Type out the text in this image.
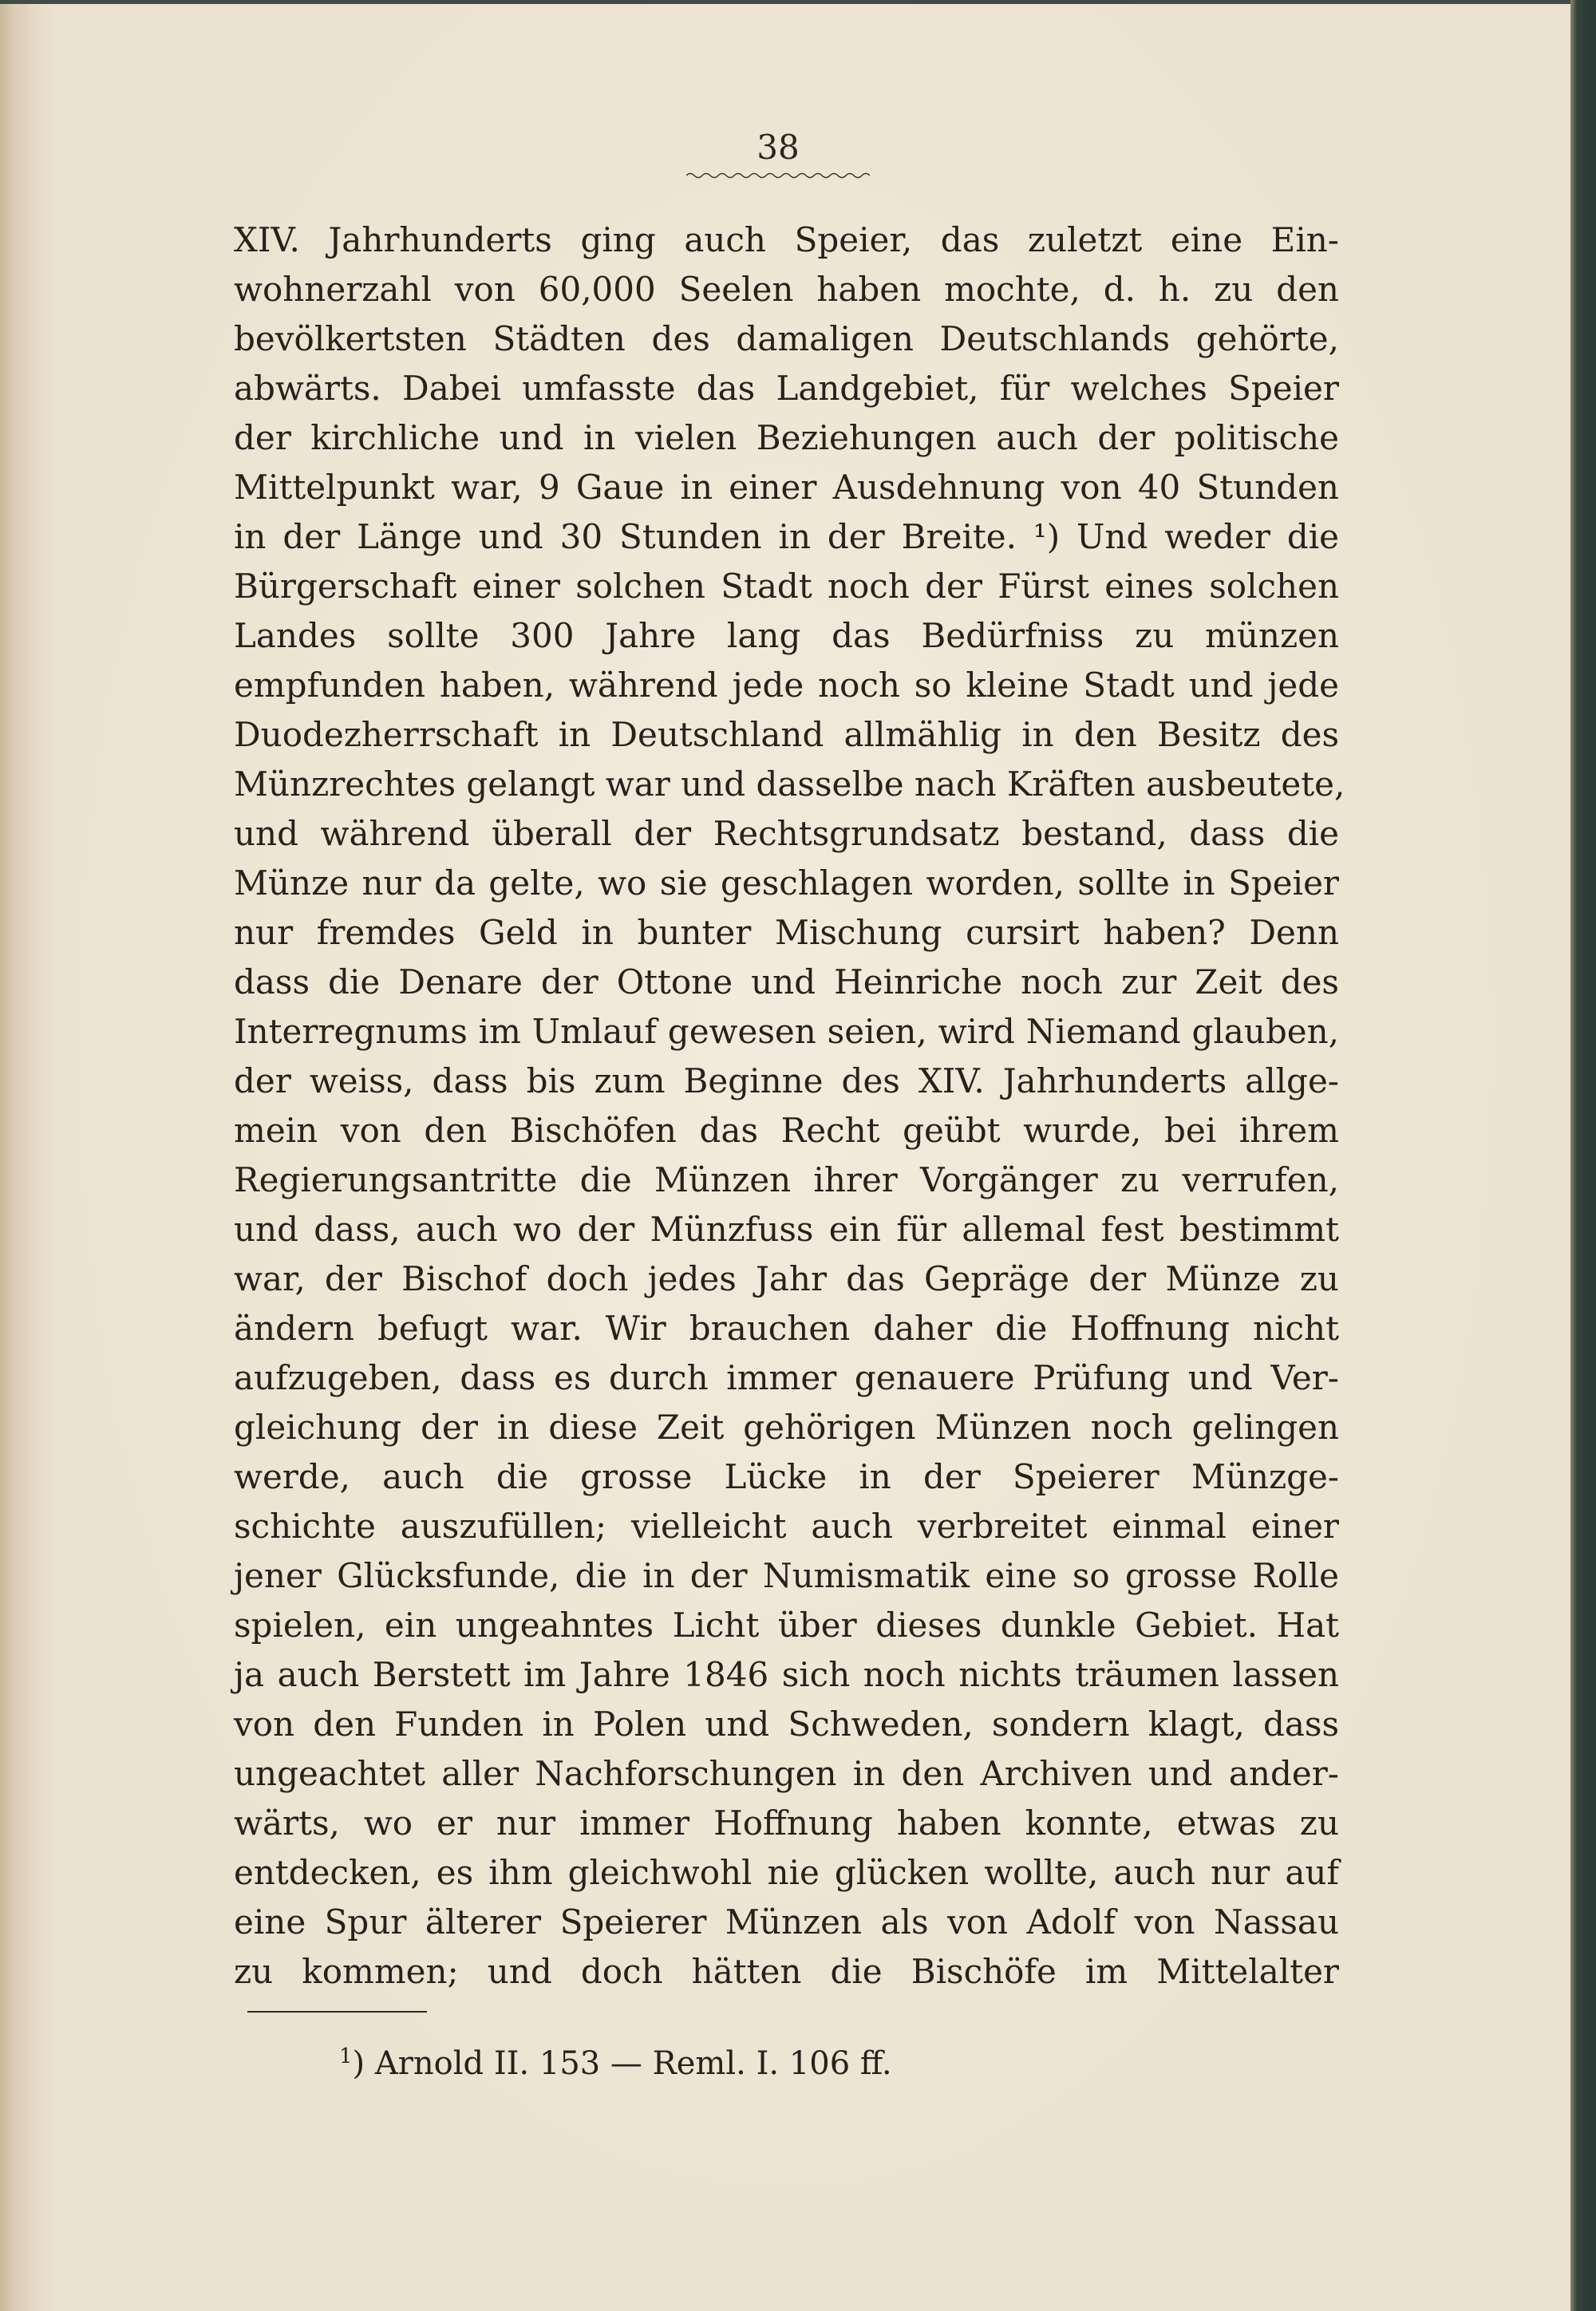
38

XIV. Jahrhunderts ging auch Speier, das zuletzt eine Ein-
wohnerzahl von 60,000 Seelen haben mochte, d. h. zu den
bevölkertsten Städten des damaligen Deutschlands gehörte,
abwärts. Dabei umfasste das Landgebiet, für welches Speier
der kirchliche und in vielen Beziehungen auch der politische
Mittelpunkt war, 9 Gaue in einer Ausdehnung von 40 Stunden
in der Länge und 30 Stunden in der Breite. ¹) Und weder die
Bürgerschaft einer solchen Stadt noch der Fürst eines solchen
Landes sollte 300 Jahre lang das Bedürfniss zu münzen
empfunden haben, während jede noch so kleine Stadt und jede
Duodezherrschaft in Deutschland allmählig in den Besitz des
Münzrechtes gelangt war und dasselbe nach Kräften ausbeutete,
und während überall der Rechtsgrundsatz bestand, dass die
Münze nur da gelte, wo sie geschlagen worden, sollte in Speier
nur fremdes Geld in bunter Mischung cursirt haben? Denn
dass die Denare der Ottone und Heinriche noch zur Zeit des
Interregnums im Umlauf gewesen seien, wird Niemand glauben,
der weiss, dass bis zum Beginne des XIV. Jahrhunderts allge-
mein von den Bischöfen das Recht geübt wurde, bei ihrem
Regierungsantritte die Münzen ihrer Vorgänger zu verrufen,
und dass, auch wo der Münzfuss ein für allemal fest bestimmt
war, der Bischof doch jedes Jahr das Gepräge der Münze zu
ändern befugt war. Wir brauchen daher die Hoffnung nicht
aufzugeben, dass es durch immer genauere Prüfung und Ver-
gleichung der in diese Zeit gehörigen Münzen noch gelingen
werde, auch die grosse Lücke in der Speierer Münzge-
schichte auszufüllen; vielleicht auch verbreitet einmal einer
jener Glücksfunde, die in der Numismatik eine so grosse Rolle
spielen, ein ungeahntes Licht über dieses dunkle Gebiet. Hat
ja auch Berstett im Jahre 1846 sich noch nichts träumen lassen
von den Funden in Polen und Schweden, sondern klagt, dass
ungeachtet aller Nachforschungen in den Archiven und ander-
wärts, wo er nur immer Hoffnung haben konnte, etwas zu
entdecken, es ihm gleichwohl nie glücken wollte, auch nur auf
eine Spur älterer Speierer Münzen als von Adolf von Nassau
zu kommen; und doch hätten die Bischöfe im Mittelalter

$^1$) Arnold II. 153 — Reml. I. 106 ff.
